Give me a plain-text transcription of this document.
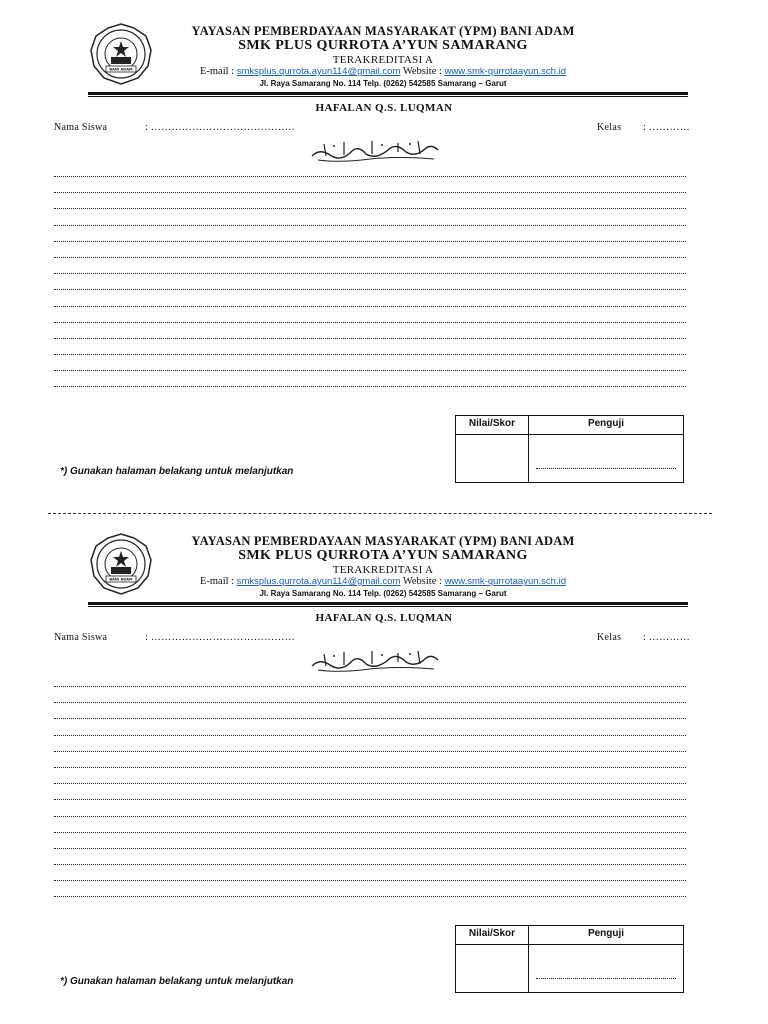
BANI ADAM
YAYASAN PEMBERDAYAAN MASYARAKAT (YPM) BANI ADAM
SMK PLUS QURROTA A’YUN SAMARANG
TERAKREDITASI A
E-mail : smksplus.qurrota.ayun114@gmail.com Website : www.smk-qurrotaayun.sch.id
Jl. Raya Samarang No. 114 Telp. (0262) 542585 Samarang – Garut
HAFALAN Q.S. LUQMAN
Nama Siswa	: ……………………………………	Kelas : …………
Nilai/Skor	Penguji
*) Gunakan halaman belakang untuk melanjutkan
BANI ADAM
YAYASAN PEMBERDAYAAN MASYARAKAT (YPM) BANI ADAM
SMK PLUS QURROTA A’YUN SAMARANG
TERAKREDITASI A
E-mail : smksplus.qurrota.ayun114@gmail.com Website : www.smk-qurrotaayun.sch.id
Jl. Raya Samarang No. 114 Telp. (0262) 542585 Samarang – Garut
HAFALAN Q.S. LUQMAN
Nama Siswa	: ……………………………………	Kelas : …………
Nilai/Skor	Penguji
*) Gunakan halaman belakang untuk melanjutkan
